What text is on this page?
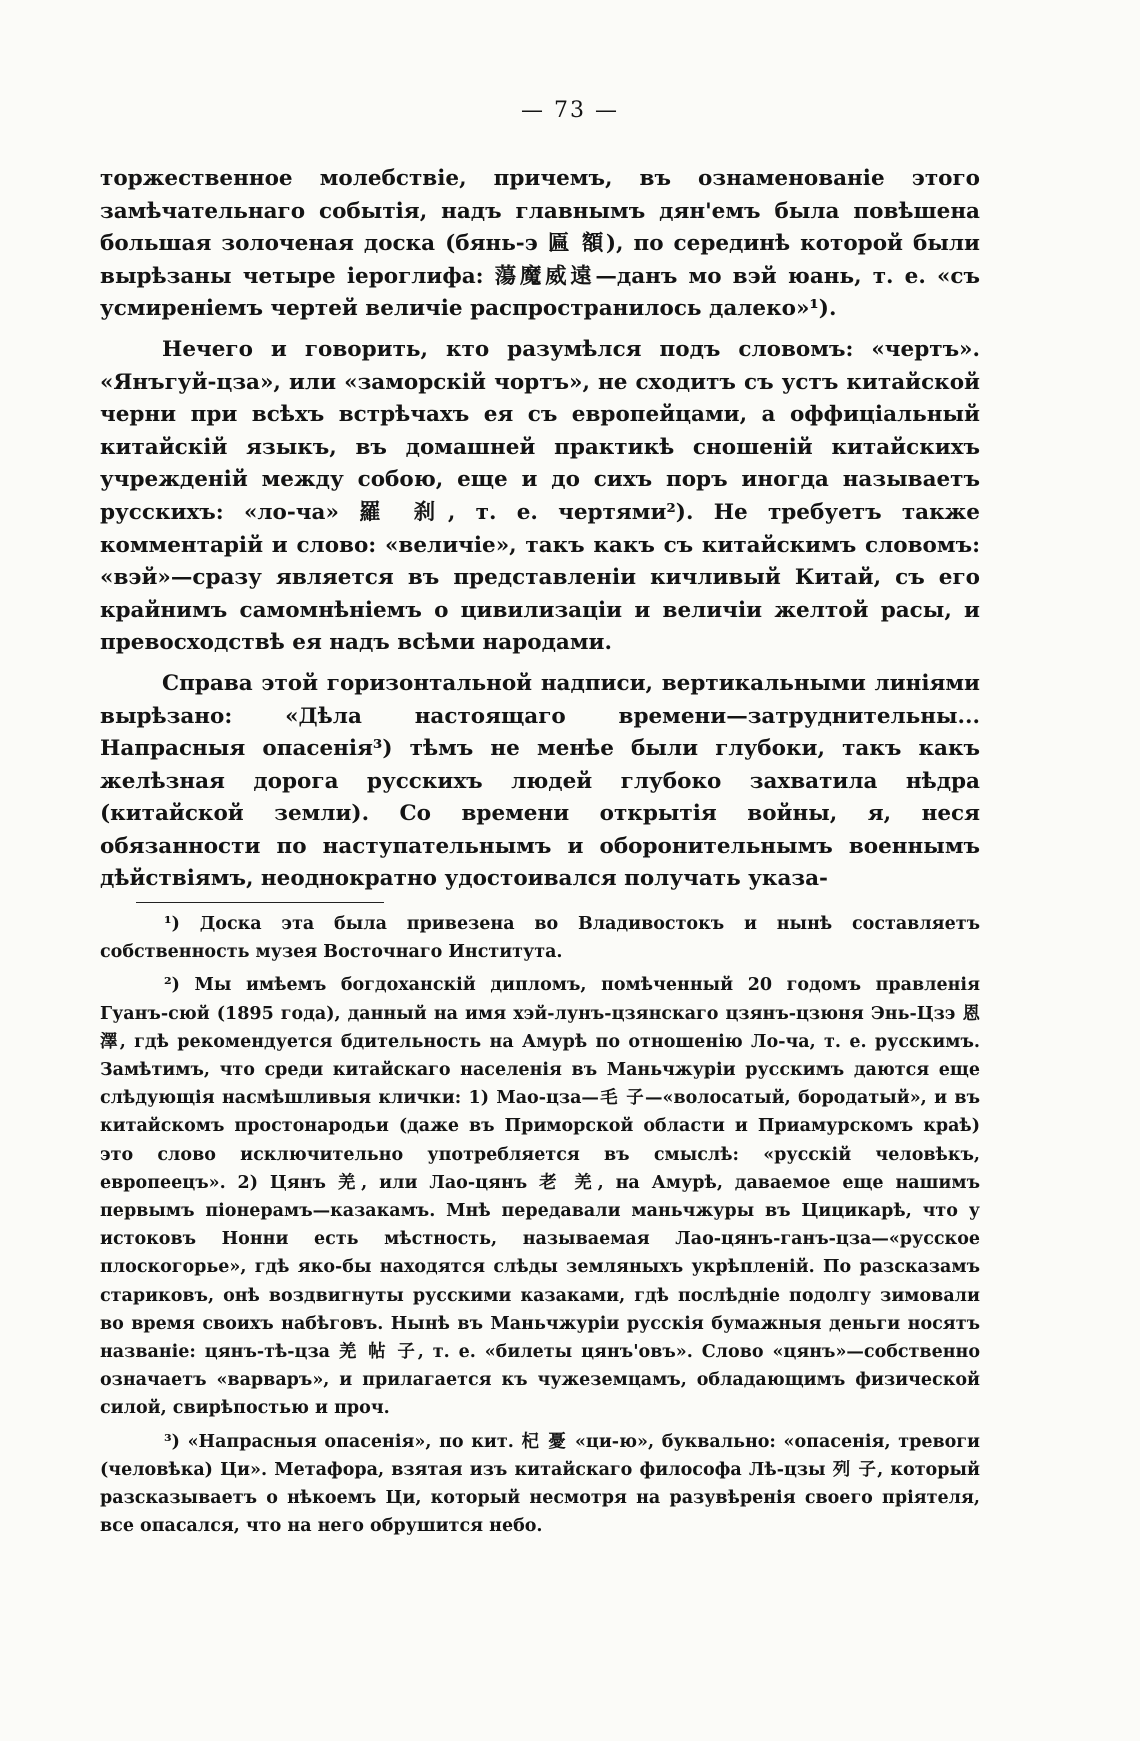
— 73 —

торжественное молебствіе, причемъ, въ ознаменованіе этого замѣчательнаго событія, надъ главнымъ дян'емъ была повѣшена большая золоченая доска (бянь-э 匾 額), по серединѣ которой были вырѣзаны четыре іероглифа: 蕩魔威遠—данъ мо вэй юань, т. е. «съ усмиреніемъ чертей величіе распространилось далеко»¹).

Нечего и говорить, кто разумѣлся подъ словомъ: «чертъ». «Янъгуй-цза», или «заморскій чортъ», не сходитъ съ устъ китайской черни при всѣхъ встрѣчахъ ея съ европейцами, а оффиціальный китайскій языкъ, въ домашней практикѣ сношеній китайскихъ учрежденій между собою, еще и до сихъ поръ иногда называетъ русскихъ: «ло-ча» 羅 刹, т. е. чертями²). Не требуетъ также комментарій и слово: «величіе», такъ какъ съ китайскимъ словомъ: «вэй»—сразу является въ представленіи кичливый Китай, съ его крайнимъ самомнѣніемъ о цивилизаціи и величіи желтой расы, и превосходствѣ ея надъ всѣми народами.

Справа этой горизонтальной надписи, вертикальными линіями вырѣзано: «Дѣла настоящаго времени—затруднительны... Напрасныя опасенія³) тѣмъ не менѣе были глубоки, такъ какъ желѣзная дорога русскихъ людей глубоко захватила нѣдра (китайской земли). Со времени открытія войны, я, неся обязанности по наступательнымъ и оборонительнымъ военнымъ дѣйствіямъ, неоднократно удостоивался получать указа-

¹) Доска эта была привезена во Владивостокъ и нынѣ составляетъ собственность музея Восточнаго Института.

²) Мы имѣемъ богдоханскій дипломъ, помѣченный 20 годомъ правленія Гуанъ-сюй (1895 года), данный на имя хэй-лунъ-цзянскаго цзянъ-цзюня Энь-Цзэ 恩 澤, гдѣ рекомендуется бдительность на Амурѣ по отношенію Ло-ча, т. е. русскимъ. Замѣтимъ, что среди китайскаго населенія въ Маньчжуріи русскимъ даются еще слѣдующія насмѣшливыя клички: 1) Мао-цза—毛 子—«волосатый, бородатый», и въ китайскомъ простонародьи (даже въ Приморской области и Приамурскомъ краѣ) это слово исключительно употребляется въ смыслѣ: «русскій человѣкъ, европеецъ». 2) Цянъ 羌, или Лао-цянъ 老 羌, на Амурѣ, даваемое еще нашимъ первымъ піонерамъ—казакамъ. Мнѣ передавали маньчжуры въ Цицикарѣ, что у истоковъ Нонни есть мѣстность, называемая Лао-цянъ-ганъ-цза—«русское плоскогорье», гдѣ яко-бы находятся слѣды земляныхъ укрѣпленій. По разсказамъ стариковъ, онѣ воздвигнуты русскими казаками, гдѣ послѣдніе подолгу зимовали во время своихъ набѣговъ. Нынѣ въ Маньчжуріи русскія бумажныя деньги носятъ названіе: цянъ-тѣ-цза 羌 帖 子, т. е. «билеты цянъ'овъ». Слово «цянъ»—собственно означаетъ «варваръ», и прилагается къ чужеземцамъ, обладающимъ физической силой, свирѣпостью и проч.

³) «Напрасныя опасенія», по кит. 杞 憂 «ци-ю», буквально: «опасенія, тревоги (человѣка) Ци». Метафора, взятая изъ китайскаго философа Лѣ-цзы 列 子, который разсказываетъ о нѣкоемъ Ци, который несмотря на разувѣренія своего пріятеля, все опасался, что на него обрушится небо.
